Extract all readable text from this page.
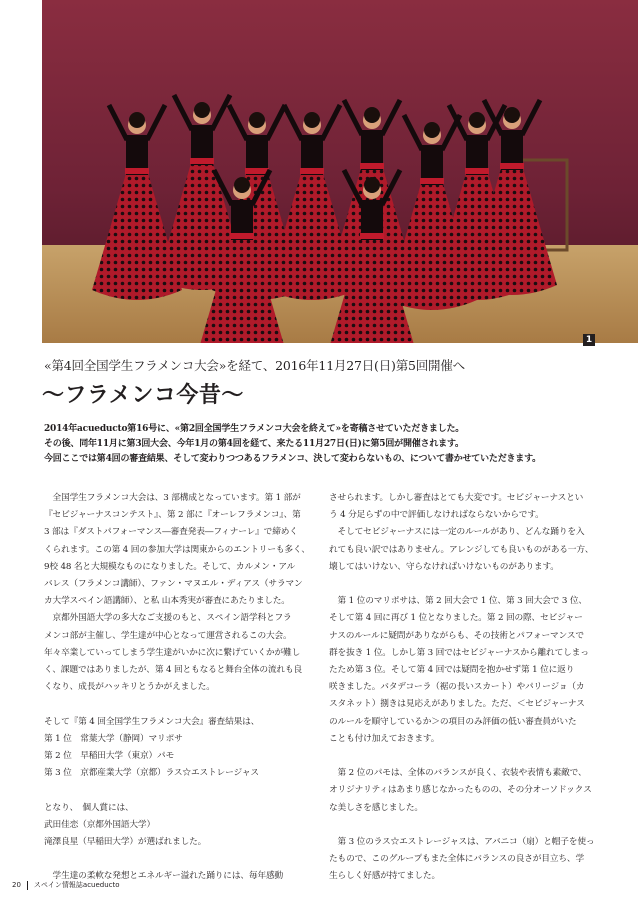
1
«第4回全国学生フラメンコ大会»を経て、2016年11月27日(日)第5回開催へ
〜フラメンコ今昔〜
2014年acueducto第16号に、«第2回全国学生フラメンコ大会を終えて»を寄稿させていただきました。
その後、同年11月に第3回大会、今年1月の第4回を経て、来たる11月27日(日)に第5回が開催されます。
今回ここでは第4回の審査結果、そして変わりつつあるフラメンコ、決して変わらないもの、について書かせていただきます。
　全国学生フラメンコ大会は、3 部構成となっています。第 1 部が
『セビジャーナスコンテスト』、第 2 部に『オーレフラメンコ』、第
3 部は『ダストパフォーマンス―審査発表―フィナーレ』で締めく
くられます。この第 4 回の参加大学は関東からのエントリーも多く、
9校 48 名と大規模なものになりました。そして、カルメン・アル
バレス（フラメンコ講師）、ファン・マヌエル・ディアス（サラマン
カ大学スペイン語講師）、と私 山本秀実が審査にあたりました。
　京都外国語大学の多大なご支援のもと、スペイン語学科とフラ
メンコ部が主催し、学生達が中心となって運営されるこの大会。
年々卒業していってしまう学生達がいかに次に繋げていくかが難し
く、課題ではありましたが、第 4 回ともなると舞台全体の流れも良
くなり、成長がハッキリとうかがえました。
そして『第 4 回全国学生フラメンコ大会』審査結果は、
第 1 位　常葉大学（静岡）マリポサ
第 2 位　早稲田大学（東京）パモ
第 3 位　京都産業大学（京都）ラス☆エストレージャス
となり、　個人賞には、
武田佳恋（京都外国語大学）
滝澤良星（早稲田大学）が選ばれました。
　学生達の柔軟な発想とエネルギー溢れた踊りには、毎年感動
させられます。しかし審査はとても大変です。セビジャーナスとい
う 4 分足らずの中で評価しなければならないからです。
　そしてセビジャーナスには一定のルールがあり、どんな踊りを入
れても良い訳ではありません。アレンジしても良いものがある一方、
壊してはいけない、守らなければいけないものがあります。
　第 1 位のマリポサは、第 2 回大会で 1 位、第 3 回大会で 3 位、
そして第 4 回に再び 1 位となりました。第 2 回の際、セビジャー
ナスのルールに疑問がありながらも、その技術とパフォーマンスで
群を抜き 1 位。しかし第 3 回ではセビジャーナスから離れてしまっ
たため第 3 位。そして第 4 回では疑問を抱かせず第 1 位に返り
咲きました。バタデコーラ（裾の長いスカート）やパリージョ（カ
スタネット）捌きは見応えがありました。ただ、＜セビジャーナス
のルールを順守しているか＞の項目のみ評価の低い審査員がいた
ことも付け加えておきます。
　第 2 位のパモは、全体のバランスが良く、衣装や表情も素敵で、
オリジナリティはあまり感じなかったものの、その分オーソドックス
な美しさを感じました。
　第 3 位のラス☆エストレージャスは、アバニコ（扇）と帽子を使っ
たもので、このグループもまた全体にバランスの良さが目立ち、学
生らしく好感が持てました。
20 スペイン情報誌acueducto
